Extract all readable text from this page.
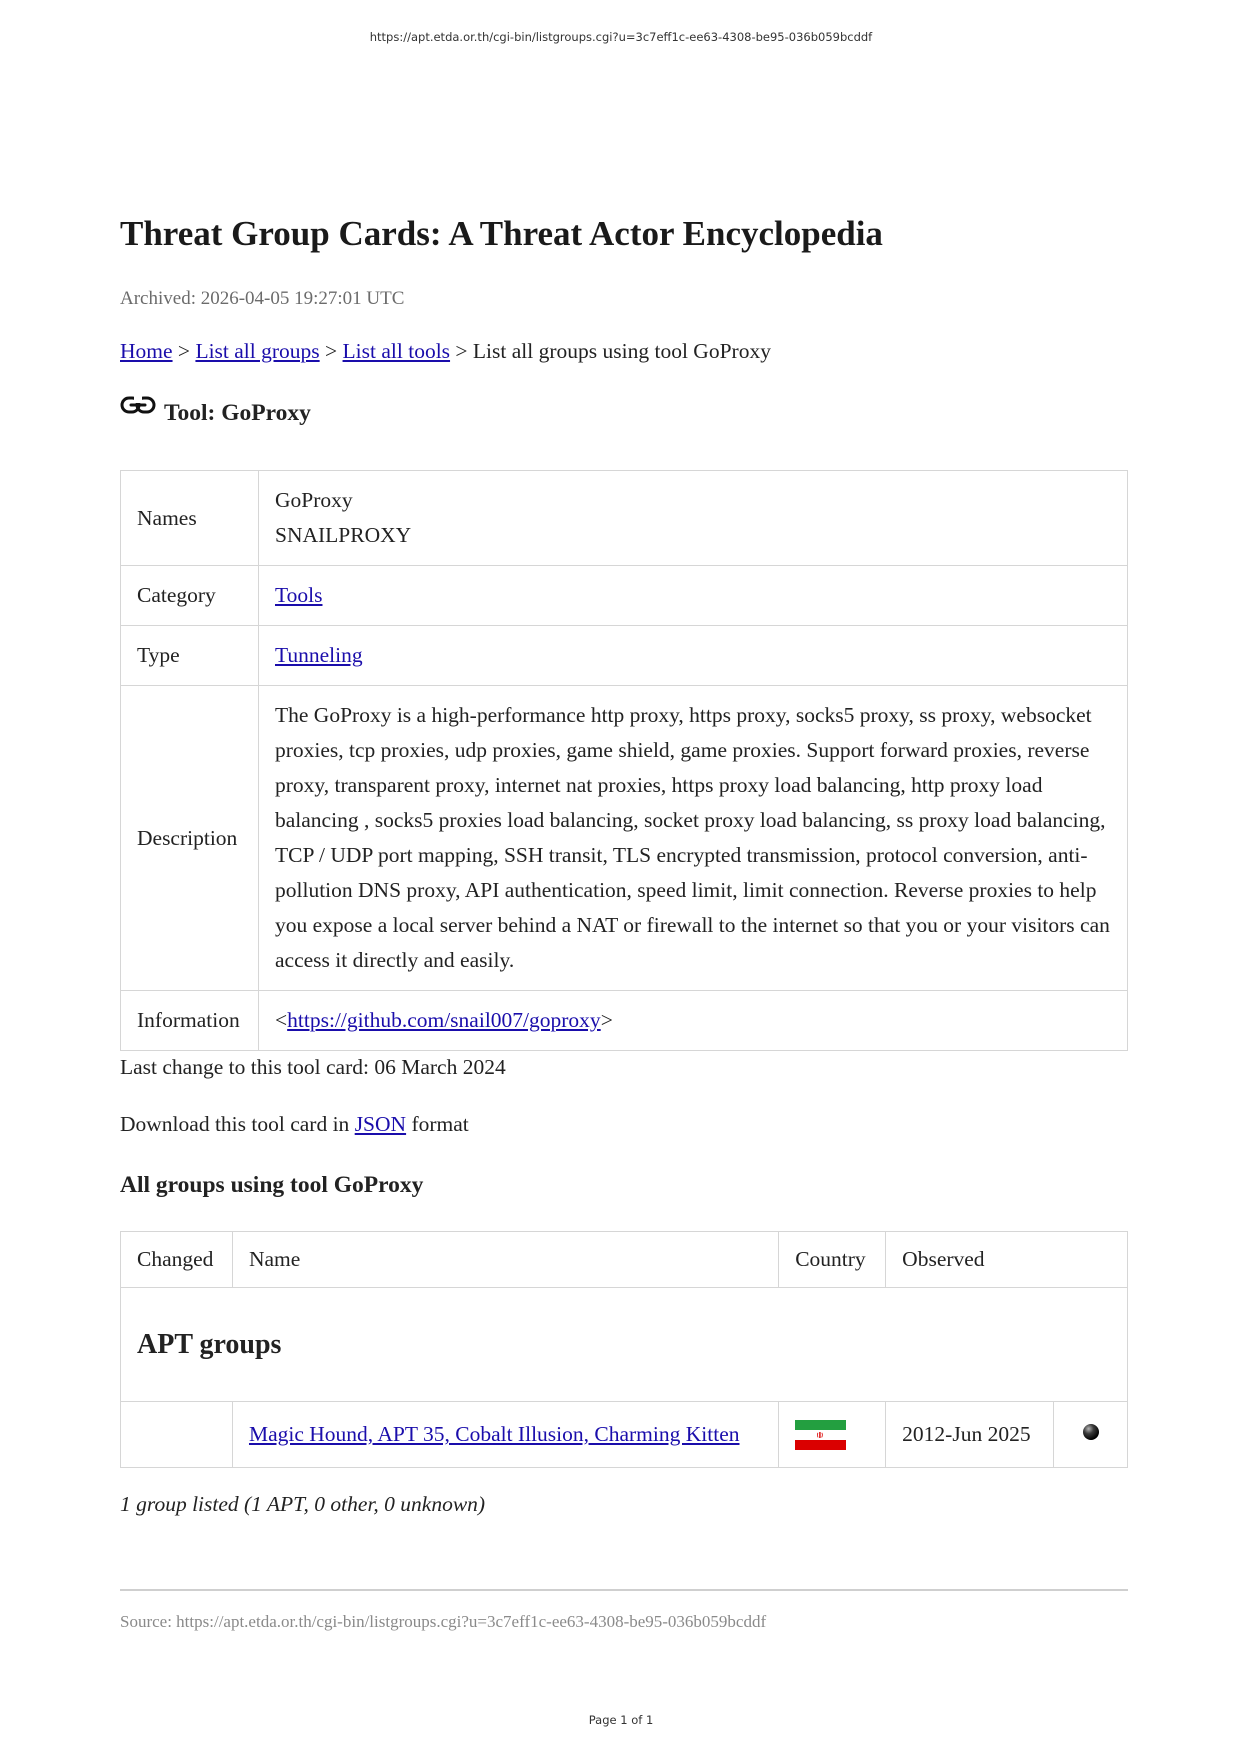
https://apt.etda.or.th/cgi-bin/listgroups.cgi?u=3c7eff1c-ee63-4308-be95-036b059bcddf
Threat Group Cards: A Threat Actor Encyclopedia
Archived: 2026-04-05 19:27:01 UTC
Home > List all groups > List all tools > List all groups using tool GoProxy
Tool: GoProxy
Names	GoProxy
SNAILPROXY

Category	Tools
Type	Tunneling
Description	The GoProxy is a high-performance http proxy, https proxy, socks5 proxy, ss proxy, websocket proxies, tcp proxies, udp proxies, game shield, game proxies. Support forward proxies, reverse proxy, transparent proxy, internet nat proxies, https proxy load balancing, http proxy load balancing , socks5 proxies load balancing, socket proxy load balancing, ss proxy load balancing, TCP / UDP port mapping, SSH transit, TLS encrypted transmission, protocol conversion, anti-pollution DNS proxy, API authentication, speed limit, limit connection. Reverse proxies to help you expose a local server behind a NAT or firewall to the internet so that you or your visitors can access it directly and easily.
Information	<https://github.com/snail007/goproxy>
Last change to this tool card: 06 March 2024
Download this tool card in JSON format
All groups using tool GoProxy
Changed	Name	Country	Observed	
APT groups				
	Magic Hound, APT 35, Cobalt Illusion, Charming Kitten		2012-Jun 2025	
1 group listed (1 APT, 0 other, 0 unknown)
Source: https://apt.etda.or.th/cgi-bin/listgroups.cgi?u=3c7eff1c-ee63-4308-be95-036b059bcddf
Page 1 of 1
